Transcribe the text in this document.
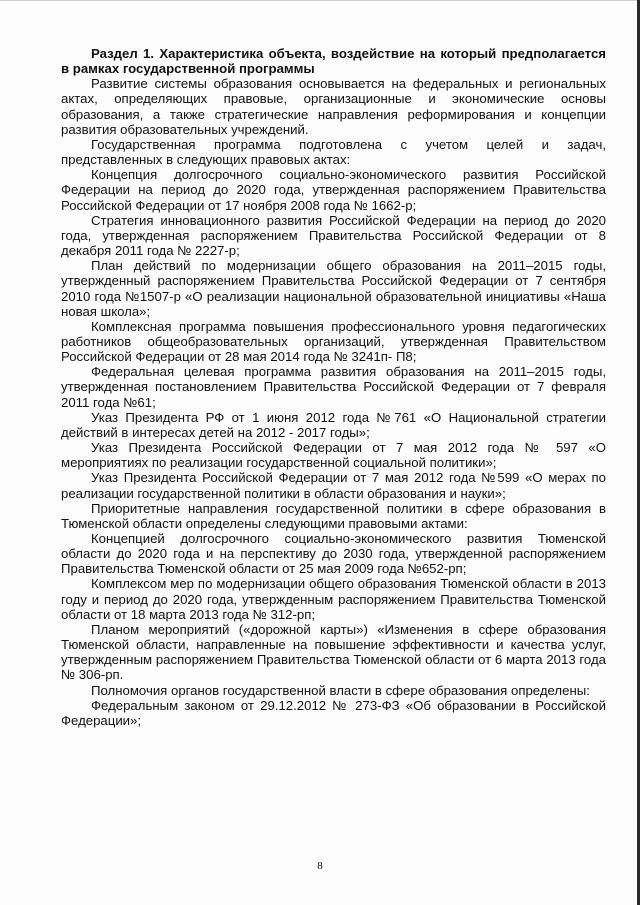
Раздел 1. Характеристика объекта, воздействие на который предполагается в рамках государственной программы

Развитие системы образования основывается на федеральных и региональных актах, определяющих правовые, организационные и экономические основы образования, а также стратегические направления реформирования и концепции развития образовательных учреждений.

Государственная программа подготовлена с учетом целей и задач, представленных в следующих правовых актах:

Концепция долгосрочного социально-экономического развития Российской Федерации на период до 2020 года, утвержденная распоряжением Правительства Российской Федерации от 17 ноября 2008 года № 1662-р;

Стратегия инновационного развития Российской Федерации на период до 2020 года, утвержденная распоряжением Правительства Российской Федерации от 8 декабря 2011 года № 2227-р;

План действий по модернизации общего образования на 2011–2015 годы, утвержденный распоряжением Правительства Российской Федерации от 7 сентября 2010 года №1507-р «О реализации национальной образовательной инициативы «Наша новая школа»;

Комплексная программа повышения профессионального уровня педагогических работников общеобразовательных организаций, утвержденная Правительством Российской Федерации от 28 мая 2014 года № 3241п- П8;

Федеральная целевая программа развития образования на 2011–2015 годы, утвержденная постановлением Правительства Российской Федерации от 7 февраля 2011 года №61;

Указ Президента РФ от 1 июня 2012 года №761 «О Национальной стратегии действий в интересах детей на 2012 - 2017 годы»;

Указ Президента Российской Федерации от 7 мая 2012 года № 597 «О мероприятиях по реализации государственной социальной политики»;

Указ Президента Российской Федерации от 7 мая 2012 года №599 «О мерах по реализации государственной политики в области образования и науки»;

Приоритетные направления государственной политики в сфере образования в Тюменской области определены следующими правовыми актами:

Концепцией долгосрочного социально-экономического развития Тюменской области до 2020 года и на перспективу до 2030 года, утвержденной распоряжением Правительства Тюменской области от 25 мая 2009 года №652-рп;

Комплексом мер по модернизации общего образования Тюменской области в 2013 году и период до 2020 года, утвержденным распоряжением Правительства Тюменской области от 18 марта 2013 года № 312-рп;

Планом мероприятий («дорожной карты») «Изменения в сфере образования Тюменской области, направленные на повышение эффективности и качества услуг, утвержденным распоряжением Правительства Тюменской области от 6 марта 2013 года № 306-рп.

Полномочия органов государственной власти в сфере образования определены:

Федеральным законом от 29.12.2012 № 273-ФЗ «Об образовании в Российской Федерации»;

8
